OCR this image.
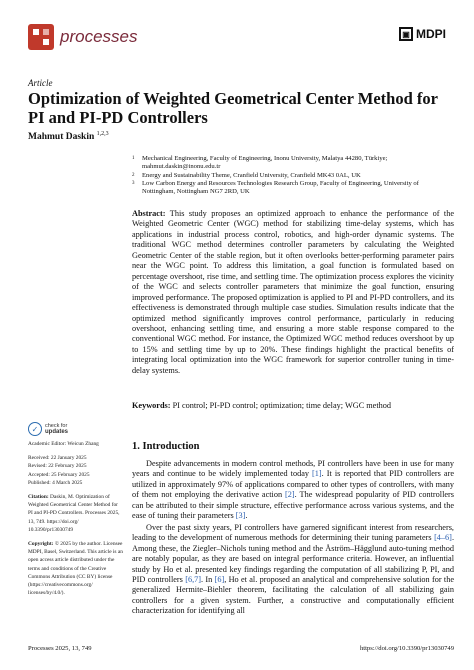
processes	▣ MDPI
Article
Optimization of Weighted Geometrical Center Method for PI and PI-PD Controllers
Mahmut Daskin $^{1,2,3}$
1	Mechanical Engineering, Faculty of Engineering, Inonu University, Malatya 44280, Türkiye; mahmut.daskin@inonu.edu.tr
2	Energy and Sustainability Theme, Cranfield University, Cranfield MK43 0AL, UK
3	Low Carbon Energy and Resources Technologies Research Group, Faculty of Engineering, University of Nottingham, Nottingham NG7 2RD, UK
Abstract: This study proposes an optimized approach to enhance the performance of the Weighted Geometric Center (WGC) method for stabilizing time-delay systems, which has applications in industrial process control, robotics, and high-order dynamic systems. The traditional WGC method determines controller parameters by calculating the Weighted Geometric Center of the stable region, but it often overlooks better-performing parameter pairs near the WGC point. To address this limitation, a goal function is formulated based on percentage overshoot, rise time, and settling time. The optimization process explores the vicinity of the WGC and selects controller parameters that minimize the goal function, ensuring improved performance. The proposed optimization is applied to PI and PI-PD controllers, and its effectiveness is demonstrated through multiple case studies. Simulation results indicate that the optimized method significantly improves control performance, particularly in reducing overshoot, enhancing settling time, and ensuring a more stable response compared to the conventional WGC method. For instance, the Optimized WGC method reduces overshoot by up to 15% and settling time by up to 20%. These findings highlight the practical benefits of integrating local optimization into the WGC framework for superior controller tuning in time-delay systems.
Keywords: PI control; PI-PD control; optimization; time delay; WGC method
✓	check for
updates
Academic Editor: Weicun Zhang
Received: 22 January 2025
Revised: 22 February 2025
Accepted: 25 February 2025
Published: 4 March 2025
Citation: Daskin, M. Optimization of Weighted Geometrical Center Method for PI and PI-PD Controllers. Processes 2025, 13, 749. https://doi.org/ 10.3390/pr13030749
Copyright: © 2025 by the author. Licensee MDPI, Basel, Switzerland. This article is an open access article distributed under the terms and conditions of the Creative Commons Attribution (CC BY) license (https://creativecommons.org/ licenses/by/4.0/).
1. Introduction

Despite advancements in modern control methods, PI controllers have been in use for many years and continue to be widely implemented today [1]. It is reported that PID controllers are utilized in approximately 97% of applications compared to other types of controllers, with many of them not employing the derivative action [2]. The widespread popularity of PID controllers can be attributed to their simple structure, effective performance across various systems, and the ease of tuning their parameters [3].

Over the past sixty years, PI controllers have garnered significant interest from researchers, leading to the development of numerous methods for determining their tuning parameters [4–6]. Among these, the Ziegler–Nichols tuning method and the Åström–Hägglund auto-tuning method are notably popular, as they are based on integral performance criteria. However, an influential study by Ho et al. presented key findings regarding the computation of all stabilizing P, PI, and PID controllers [6,7]. In [6], Ho et al. proposed an analytical and comprehensive solution for the generalized Hermite–Biehler theorem, facilitating the calculation of all stabilizing gain controllers for a given system. Further, a constructive and computationally efficient characterization for identifying all

Processes 2025, 13, 749	https://doi.org/10.3390/pr13030749
